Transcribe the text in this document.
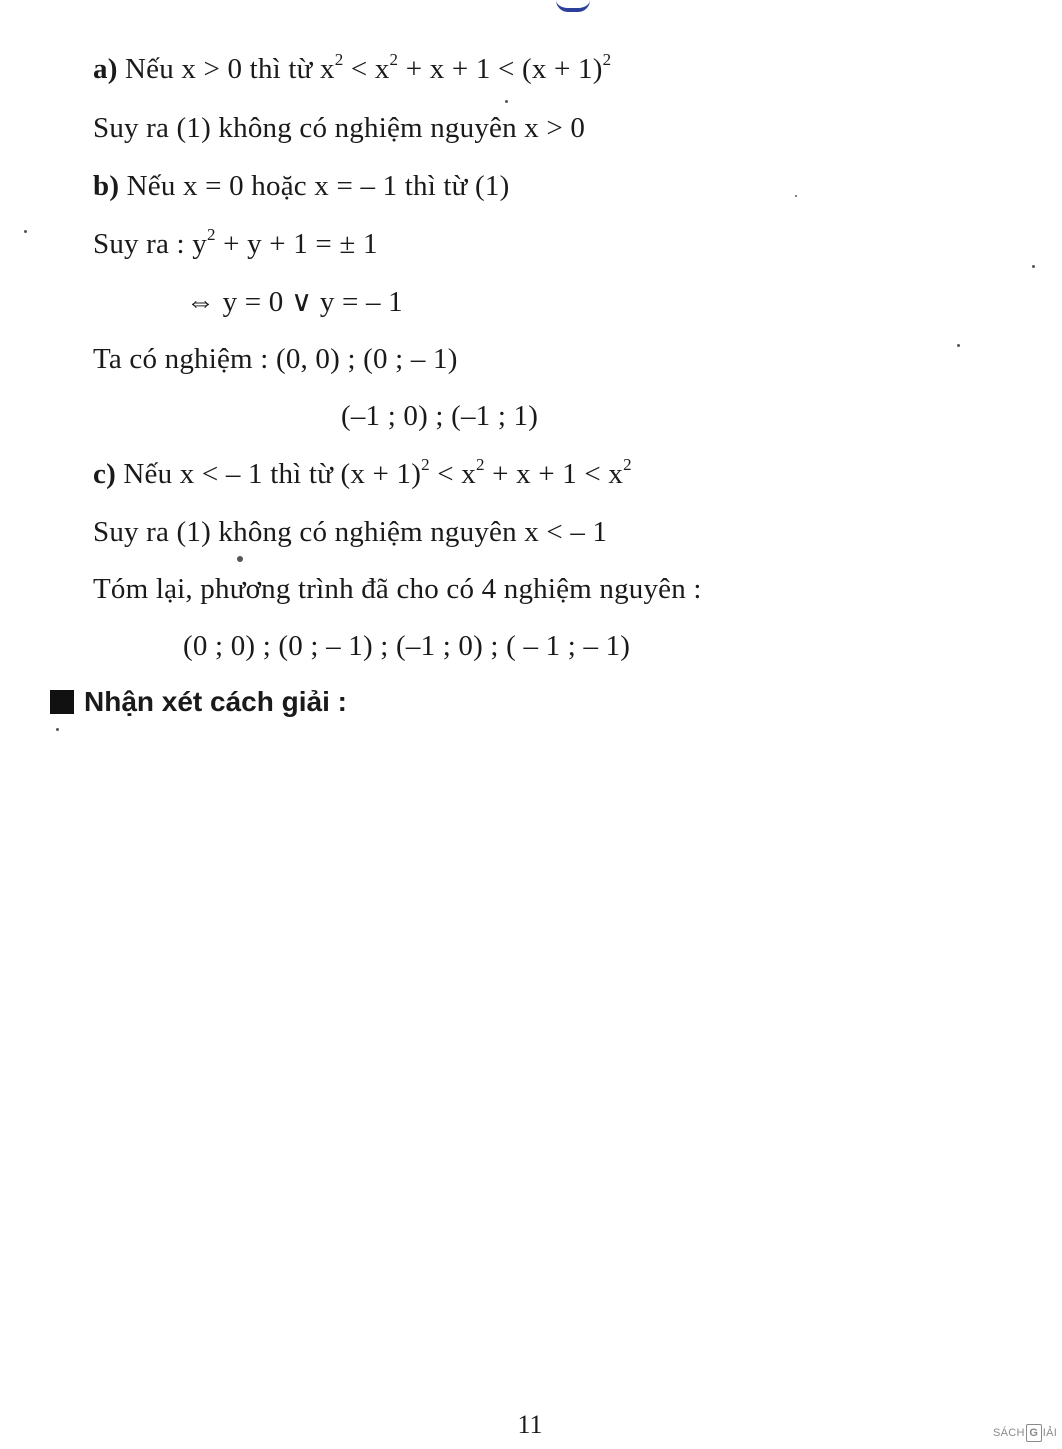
a) Nếu x > 0 thì từ $x^2 < x^2 + x + 1 < (x + 1)^2$
Suy ra (1) không có nghiệm nguyên x > 0
b) Nếu x = 0 hoặc x = – 1 thì từ (1)
Suy ra : $y^2 + y + 1$ = ± 1
⇔ y = 0 ∨ y = – 1
Ta có nghiệm : (0, 0) ; (0 ; – 1)
(–1 ; 0) ; (–1 ; 1)
c) Nếu x < – 1 thì từ $(x + 1)^2 < x^2 + x + 1 < x^2$
Suy ra (1) không có nghiệm nguyên x < – 1
Tóm lại, phương trình đã cho có 4 nghiệm nguyên :
(0 ; 0) ; (0 ; – 1) ; (–1 ; 0) ; ( – 1 ; – 1)
Nhận xét cách giải :
11	SÁCH G IẢI
